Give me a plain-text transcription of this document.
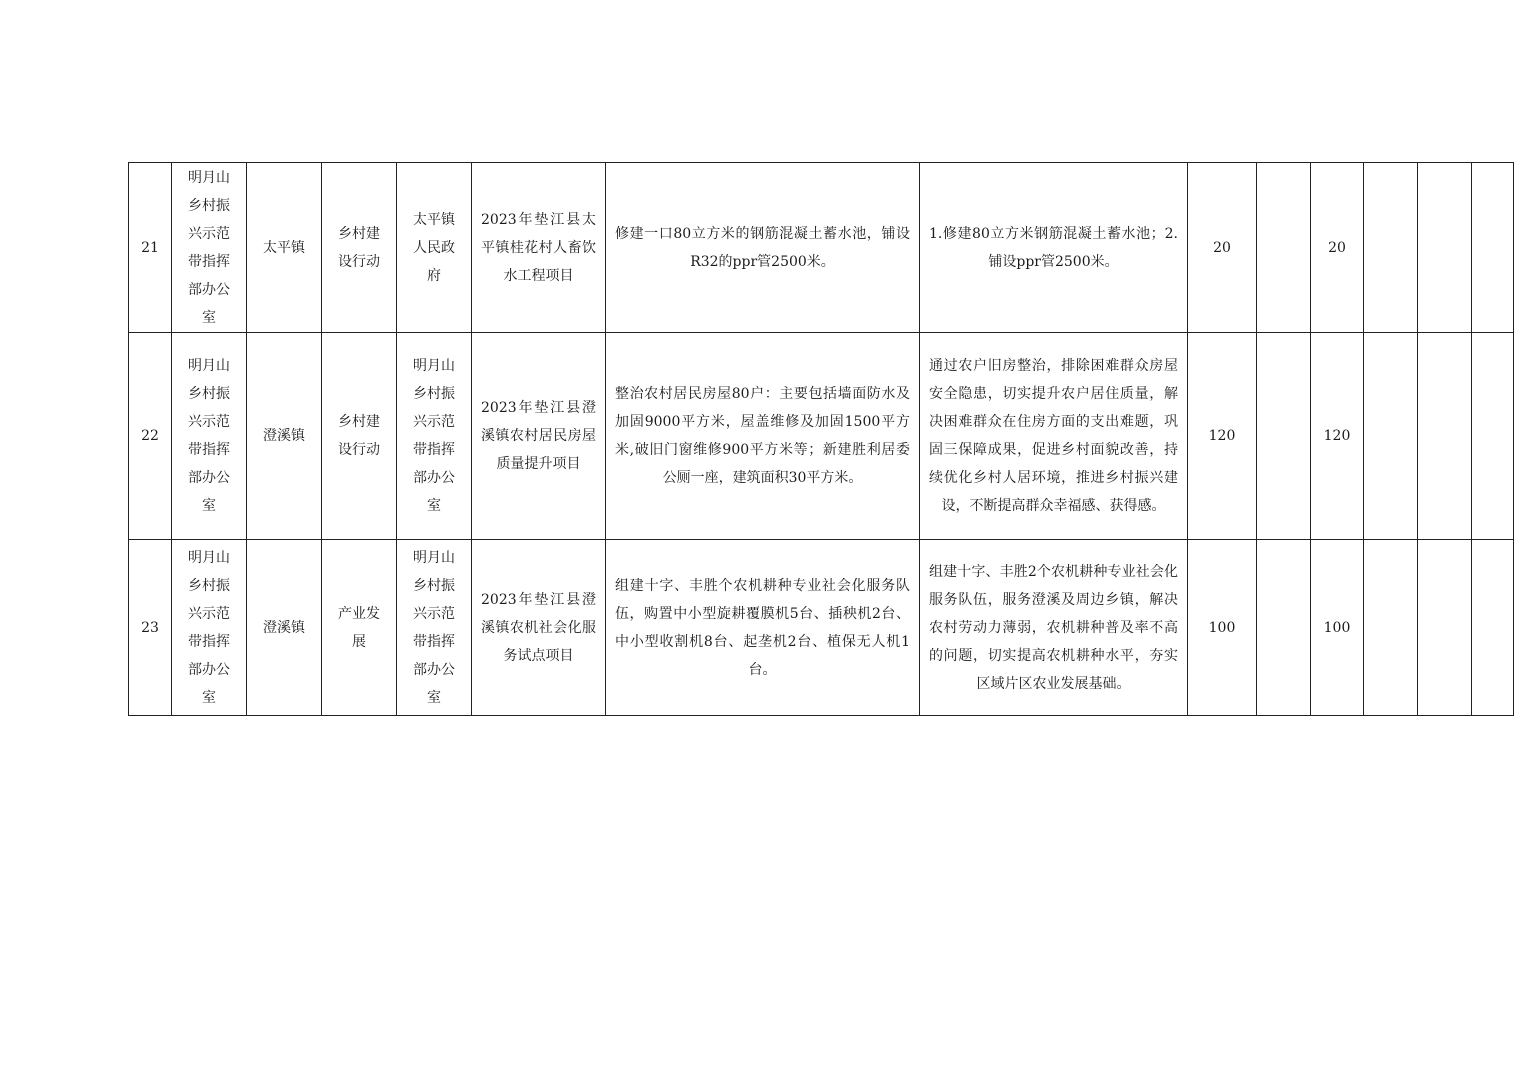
21	明月山乡村振兴示范带指挥部办公室	太平镇	乡村建设行动	太平镇人民政府	2023年垫江县太平镇桂花村人畜饮水工程项目	修建一口80立方米的钢筋混凝土蓄水池，铺设R32的ppr管2500米。	1.修建80立方米钢筋混凝土蓄水池；2.铺设ppr管2500米。	20		20			
22	明月山乡村振兴示范带指挥部办公室	澄溪镇	乡村建设行动	明月山乡村振兴示范带指挥部办公室	2023年垫江县澄溪镇农村居民房屋质量提升项目	整治农村居民房屋80户：主要包括墙面防水及加固9000平方米，屋盖维修及加固1500平方米,破旧门窗维修900平方米等；新建胜利居委公厕一座，建筑面积30平方米。	通过农户旧房整治，排除困难群众房屋安全隐患，切实提升农户居住质量，解决困难群众在住房方面的支出难题，巩固三保障成果，促进乡村面貌改善，持续优化乡村人居环境，推进乡村振兴建设，不断提高群众幸福感、获得感。	120		120			
23	明月山乡村振兴示范带指挥部办公室	澄溪镇	产业发展	明月山乡村振兴示范带指挥部办公室	2023年垫江县澄溪镇农机社会化服务试点项目	组建十字、丰胜个农机耕种专业社会化服务队伍，购置中小型旋耕覆膜机5台、插秧机2台、中小型收割机8台、起垄机2台、植保无人机1台。	组建十字、丰胜2个农机耕种专业社会化服务队伍，服务澄溪及周边乡镇，解决农村劳动力薄弱，农机耕种普及率不高的问题，切实提高农机耕种水平，夯实区域片区农业发展基础。	100		100			
